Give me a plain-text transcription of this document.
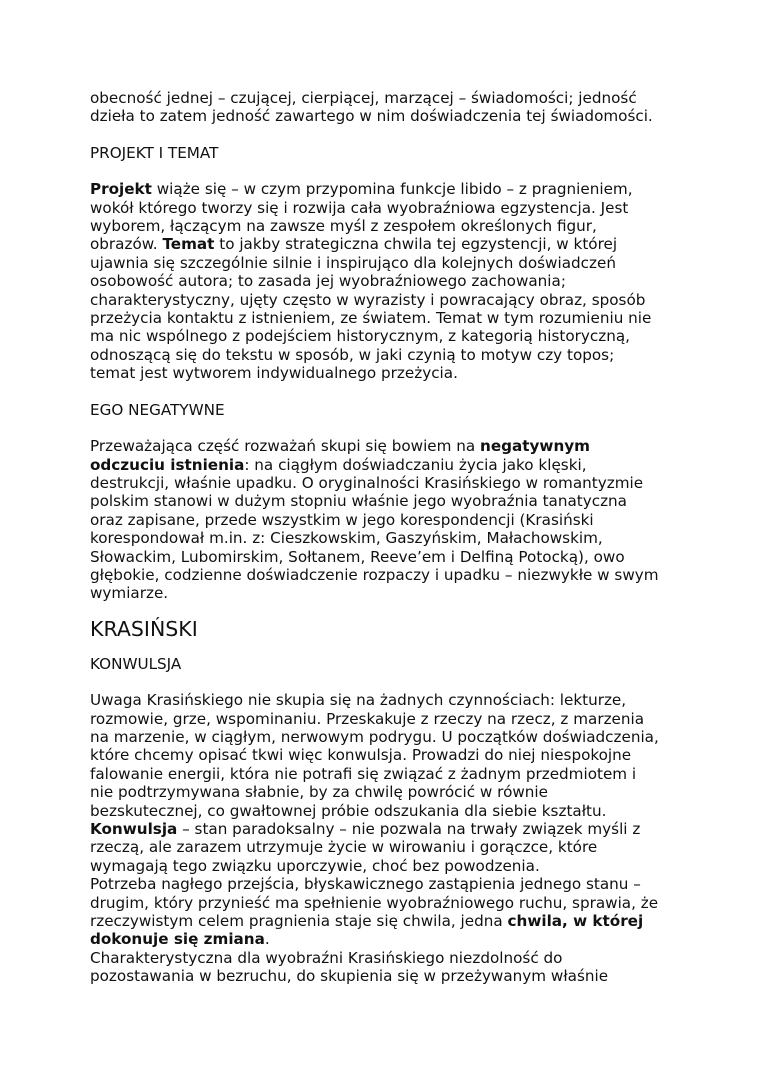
obecność jednej – czującej, cierpiącej, marzącej – świadomości; jedność
dzieła to zatem jedność zawartego w nim doświadczenia tej świadomości.

PROJEKT I TEMAT

Projekt wiąże się – w czym przypomina funkcje libido – z pragnieniem,
wokół którego tworzy się i rozwija cała wyobraźniowa egzystencja. Jest
wyborem, łączącym na zawsze myśl z zespołem określonych figur,
obrazów. Temat to jakby strategiczna chwila tej egzystencji, w której
ujawnia się szczególnie silnie i inspirująco dla kolejnych doświadczeń
osobowość autora; to zasada jej wyobraźniowego zachowania;
charakterystyczny, ujęty często w wyrazisty i powracający obraz, sposób
przeżycia kontaktu z istnieniem, ze światem. Temat w tym rozumieniu nie
ma nic wspólnego z podejściem historycznym, z kategorią historyczną,
odnoszącą się do tekstu w sposób, w jaki czynią to motyw czy topos;
temat jest wytworem indywidualnego przeżycia.

EGO NEGATYWNE

Przeważająca część rozważań skupi się bowiem na negatywnym
odczuciu istnienia: na ciągłym doświadczaniu życia jako klęski,
destrukcji, właśnie upadku. O oryginalności Krasińskiego w romantyzmie
polskim stanowi w dużym stopniu właśnie jego wyobraźnia tanatyczna
oraz zapisane, przede wszystkim w jego korespondencji (Krasiński
korespondował m.in. z: Cieszkowskim, Gaszyńskim, Małachowskim,
Słowackim, Lubomirskim, Sołtanem, Reeve’em i Delfiną Potocką), owo
głębokie, codzienne doświadczenie rozpaczy i upadku – niezwykłe w swym
wymiarze.

KRASIŃSKI

KONWULSJA

Uwaga Krasińskiego nie skupia się na żadnych czynnościach: lekturze,
rozmowie, grze, wspominaniu. Przeskakuje z rzeczy na rzecz, z marzenia
na marzenie, w ciągłym, nerwowym podrygu. U początków doświadczenia,
które chcemy opisać tkwi więc konwulsja. Prowadzi do niej niespokojne
falowanie energii, która nie potrafi się związać z żadnym przedmiotem i
nie podtrzymywana słabnie, by za chwilę powrócić w równie
bezskutecznej, co gwałtownej próbie odszukania dla siebie kształtu.
Konwulsja – stan paradoksalny – nie pozwala na trwały związek myśli z
rzeczą, ale zarazem utrzymuje życie w wirowaniu i gorączce, które
wymagają tego związku uporczywie, choć bez powodzenia.
Potrzeba nagłego przejścia, błyskawicznego zastąpienia jednego stanu –
drugim, który przynieść ma spełnienie wyobraźniowego ruchu, sprawia, że
rzeczywistym celem pragnienia staje się chwila, jedna chwila, w której
dokonuje się zmiana.
Charakterystyczna dla wyobraźni Krasińskiego niezdolność do
pozostawania w bezruchu, do skupienia się w przeżywanym właśnie
